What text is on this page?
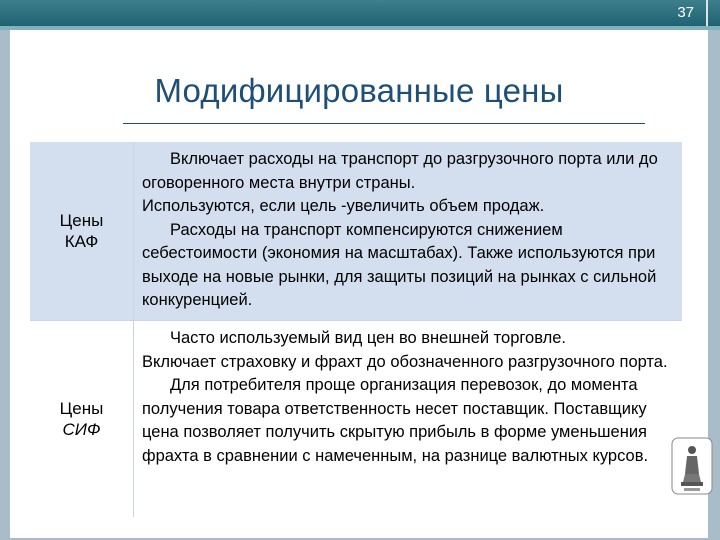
37
Модифицированные цены
Цены
КАФ

Включает расходы на транспорт до разгрузочного порта или до оговоренного места внутри страны.

Используются, если цель -увеличить объем продаж.

Расходы на транспорт компенсируются снижением себестоимости (экономия на масштабах). Также используются при выходе на новые рынки, для защиты позиций на рынках с сильной конкуренцией.

Цены
СИФ

Часто используемый вид цен во внешней торговле.

Включает страховку и фрахт до обозначенного разгрузочного порта.

Для потребителя проще организация перевозок, до момента получения товара ответственность несет поставщик. Поставщику цена позволяет получить скрытую прибыль в форме уменьшения фрахта в сравнении с намеченным, на разнице валютных курсов.
